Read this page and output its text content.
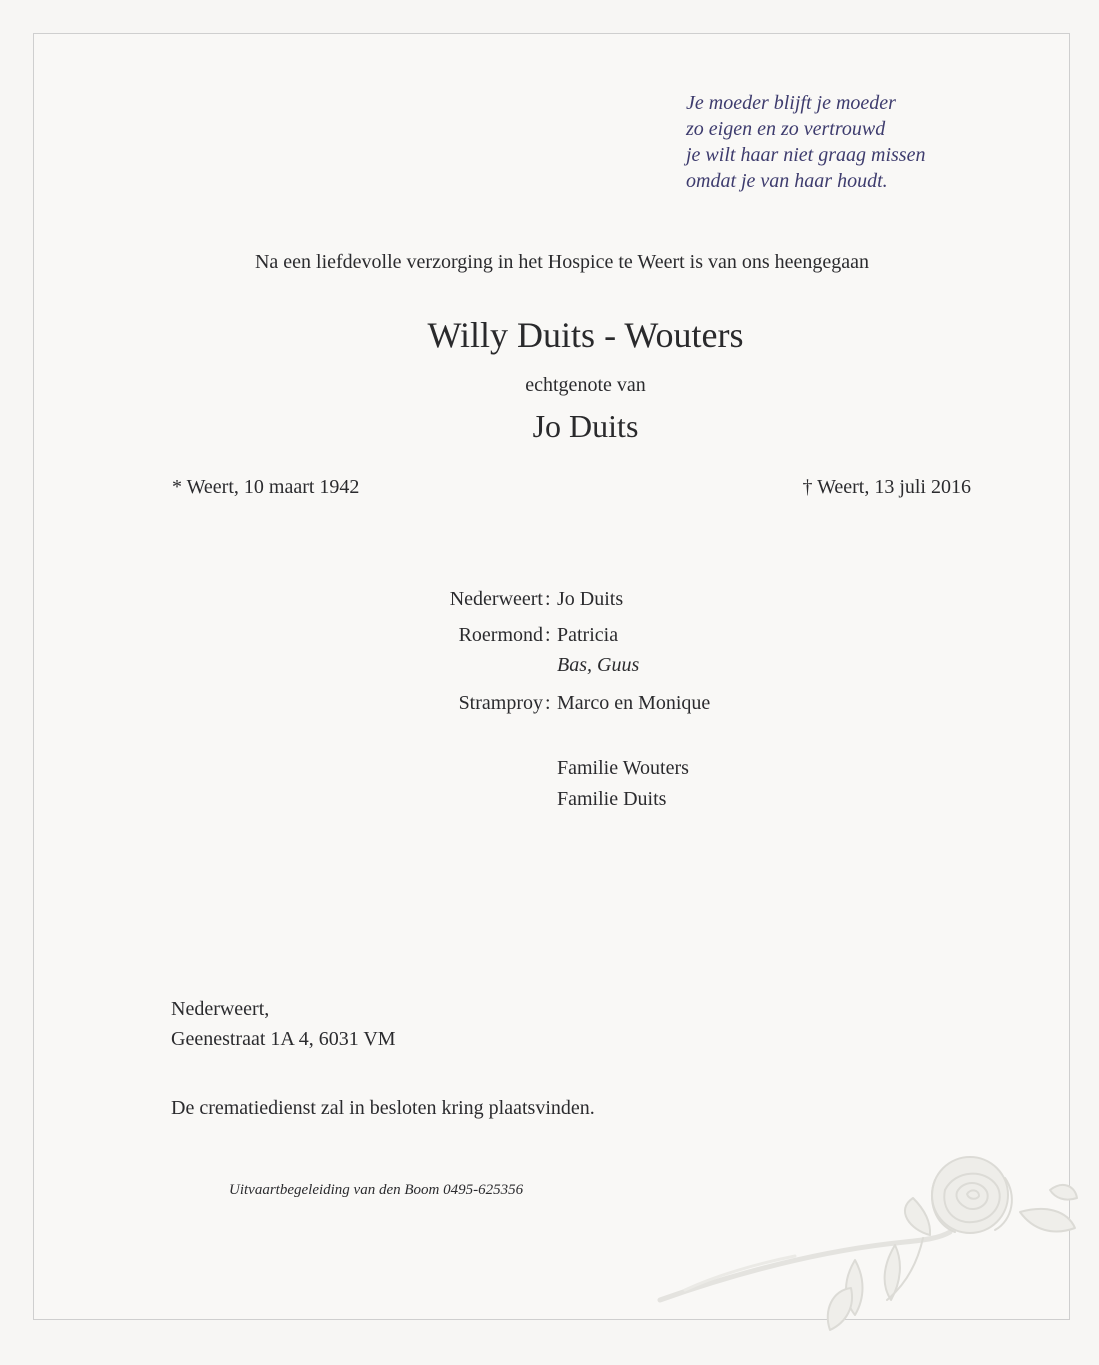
Je moeder blijft je moeder
zo eigen en zo vertrouwd
je wilt haar niet graag missen
omdat je van haar houdt.
Na een liefdevolle verzorging in het Hospice te Weert is van ons heengegaan
Willy Duits - Wouters
echtgenote van
Jo Duits
* Weert, 10 maart 1942	† Weert, 13 juli 2016
Nederweert : Jo Duits
Roermond : Patricia
Bas, Guus
Stramproy : Marco en Monique
Familie Wouters
Familie Duits
Nederweert,
Geenestraat 1A 4, 6031 VM
De crematiedienst zal in besloten kring plaatsvinden.
Uitvaartbegeleiding van den Boom 0495-625356
